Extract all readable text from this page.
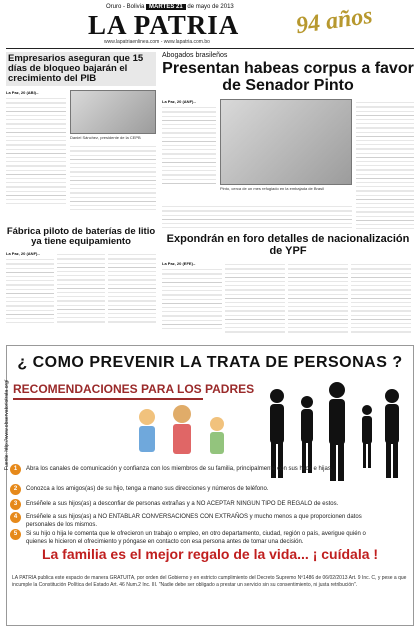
Oruro - Bolivia MARTES 21 de mayo de 2013
LA PATRIA 94 años
www.lapatriaenlinea.com - www.lapatria.com.bo
Empresarios aseguran que 15 días de bloqueo bajarán el crecimiento del PIB
La Paz, 20 (ABI).-
Daniel Sánchez, presidente de la CEPB
Fábrica piloto de baterías de litio ya tiene equipamiento
La Paz, 20 (ANF).-
Abogados brasileños
Presentan habeas corpus a favor de Senador Pinto
La Paz, 20 (ANF).-
Pinto, cerca de un mes refugiado en la embajada de Brasil
Expondrán en foro detalles de nacionalización de YPF
La Paz, 20 (EFE).-
¿ COMO PREVENIR LA TRATA DE PERSONAS ?
RECOMENDACIONES PARA LOS PADRES
Fuente: http://www.observatoriotrata.org/ 1	Abra los canales de comunicación y confianza con los miembros de su familia, principalmente con sus hijos e hijas.
2	Conozca a los amigos(as) de su hijo, tenga a mano sus direcciones y números de teléfono.
3	Enséñele a sus hijos(as) a desconfiar de personas extrañas y a NO ACEPTAR NINGUN TIPO DE REGALO de estos.
4	Enséñele a sus hijos(as) a NO ENTABLAR CONVERSACIONES CON EXTRAÑOS y mucho menos a que proporcionen datos personales de los mismos.
5	Si su hijo o hija le comenta que le ofrecieron un trabajo o empleo, en otro departamento, ciudad, región o país, averigue quién o quienes le hicieron el ofrecimiento y póngase en contacto con esa persona antes de tomar una decisión.
La familia es el mejor regalo de la vida... ¡ cuídala !
LA PATRIA publica este espacio de manera GRATUITA, por orden del Gobierno y en estricto cumplimiento del Decreto Supremo Nº1486 de 06/02/2013 Art. 9 Inc. C, y pese a que incumple la Constitución Política del Estado Art. 46 Num.2 Inc. III. "Nadie debe ser obligado a prestar un servicio sin su consentimiento, ni justa retribución".
